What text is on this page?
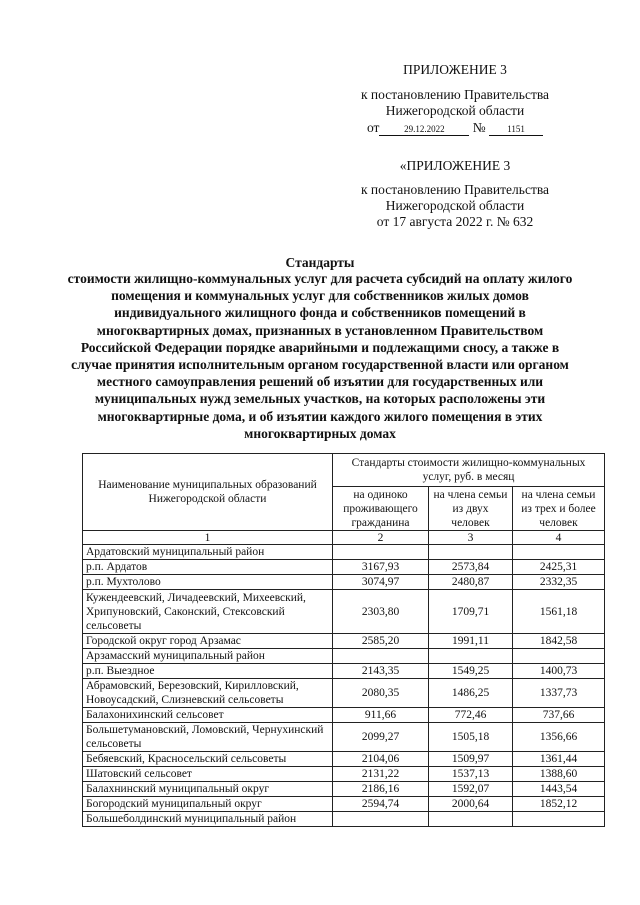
ПРИЛОЖЕНИЕ 3
к постановлению Правительства
Нижегородской области
от	29.12.2022 № 1151
«ПРИЛОЖЕНИЕ 3
к постановлению Правительства
Нижегородской области
от 17 августа 2022 г. № 632
Стандарты
стоимости жилищно-коммунальных услуг для расчета субсидий на оплату жилого помещения и коммунальных услуг для собственников жилых домов индивидуального жилищного фонда и собственников помещений в многоквартирных домах, признанных в установленном Правительством Российской Федерации порядке аварийными и подлежащими сносу, а также в случае принятия исполнительным органом государственной власти или органом местного самоуправления решений об изъятии для государственных или муниципальных нужд земельных участков, на которых расположены эти многоквартирные дома, и об изъятии каждого жилого помещения в этих многоквартирных домах
Наименование муниципальных образований Нижегородской области	Стандарты стоимости жилищно-коммунальных услуг, руб. в месяц		
	на одиноко проживающего гражданина	на члена семьи из двух человек	на члена семьи из трех и более человек
1	2	3	4
Ардатовский муниципальный район			
р.п. Ардатов	3167,93	2573,84	2425,31
р.п. Мухтолово	3074,97	2480,87	2332,35
Кужендеевский, Личадеевский, Михеевский, Хрипуновский, Саконский, Стексовский сельсоветы	2303,80	1709,71	1561,18
Городской округ город Арзамас	2585,20	1991,11	1842,58
Арзамасский муниципальный район			
р.п. Выездное	2143,35	1549,25	1400,73
Абрамовский, Березовский, Кирилловский, Новоусадский, Слизневский сельсоветы	2080,35	1486,25	1337,73
Балахонихинский сельсовет	911,66	772,46	737,66
Большетумановский, Ломовский, Чернухинский сельсоветы	2099,27	1505,18	1356,66
Бебяевский, Красносельский сельсоветы	2104,06	1509,97	1361,44
Шатовский сельсовет	2131,22	1537,13	1388,60
Балахнинский муниципальный округ	2186,16	1592,07	1443,54
Богородский муниципальный округ	2594,74	2000,64	1852,12
Большеболдинский муниципальный район			
